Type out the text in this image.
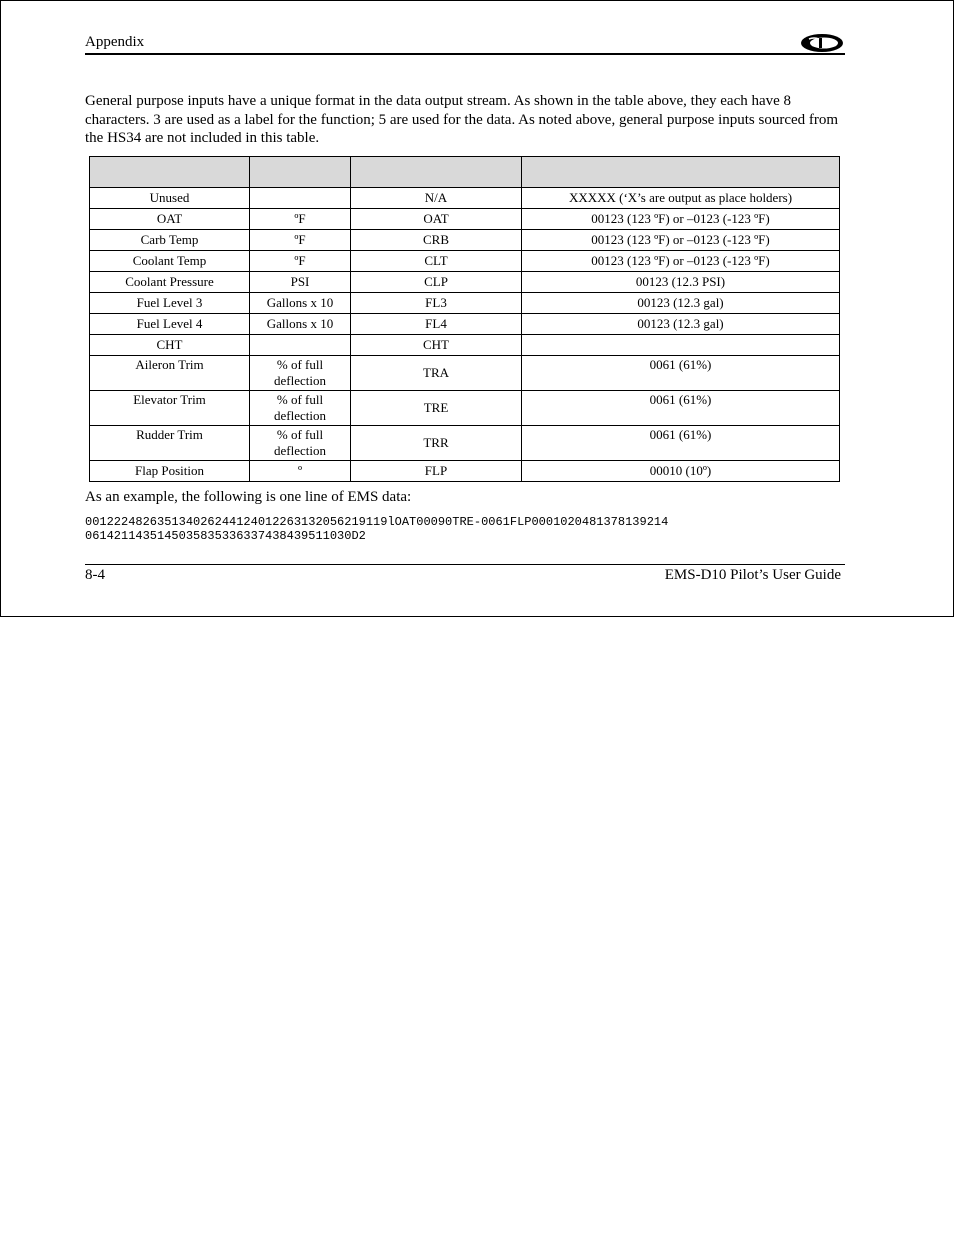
Appendix

General purpose inputs have a unique format in the data output stream. As shown in the table above, they each have 8 characters. 3 are used as a label for the function; 5 are used for the data. As noted above, general purpose inputs sourced from the HS34 are not included in this table.

Unused		N/A	XXXXX (‘X’s are output as place holders)
OAT	ºF	OAT	00123 (123 ºF) or –0123 (-123 ºF)
Carb Temp	ºF	CRB	00123 (123 ºF) or –0123 (-123 ºF)
Coolant Temp	ºF	CLT	00123 (123 ºF) or –0123 (-123 ºF)
Coolant Pressure	PSI	CLP	00123 (12.3 PSI)
Fuel Level 3	Gallons x 10	FL3	00123 (12.3 gal)
Fuel Level 4	Gallons x 10	FL4	00123 (12.3 gal)
CHT		CHT	
Aileron Trim	% of full deflection	TRA	0061 (61%)
Elevator Trim	% of full deflection	TRE	0061 (61%)
Rudder Trim	% of full deflection	TRR	0061 (61%)
Flap Position	º	FLP	00010 (10º)
As an example, the following is one line of EMS data:
001222482635134026244124012263132056219119lOAT00090TRE-0061FLP0001020481378139214
0614211435145035835336337438439511030D2
8-4	EMS-D10 Pilot’s User Guide
